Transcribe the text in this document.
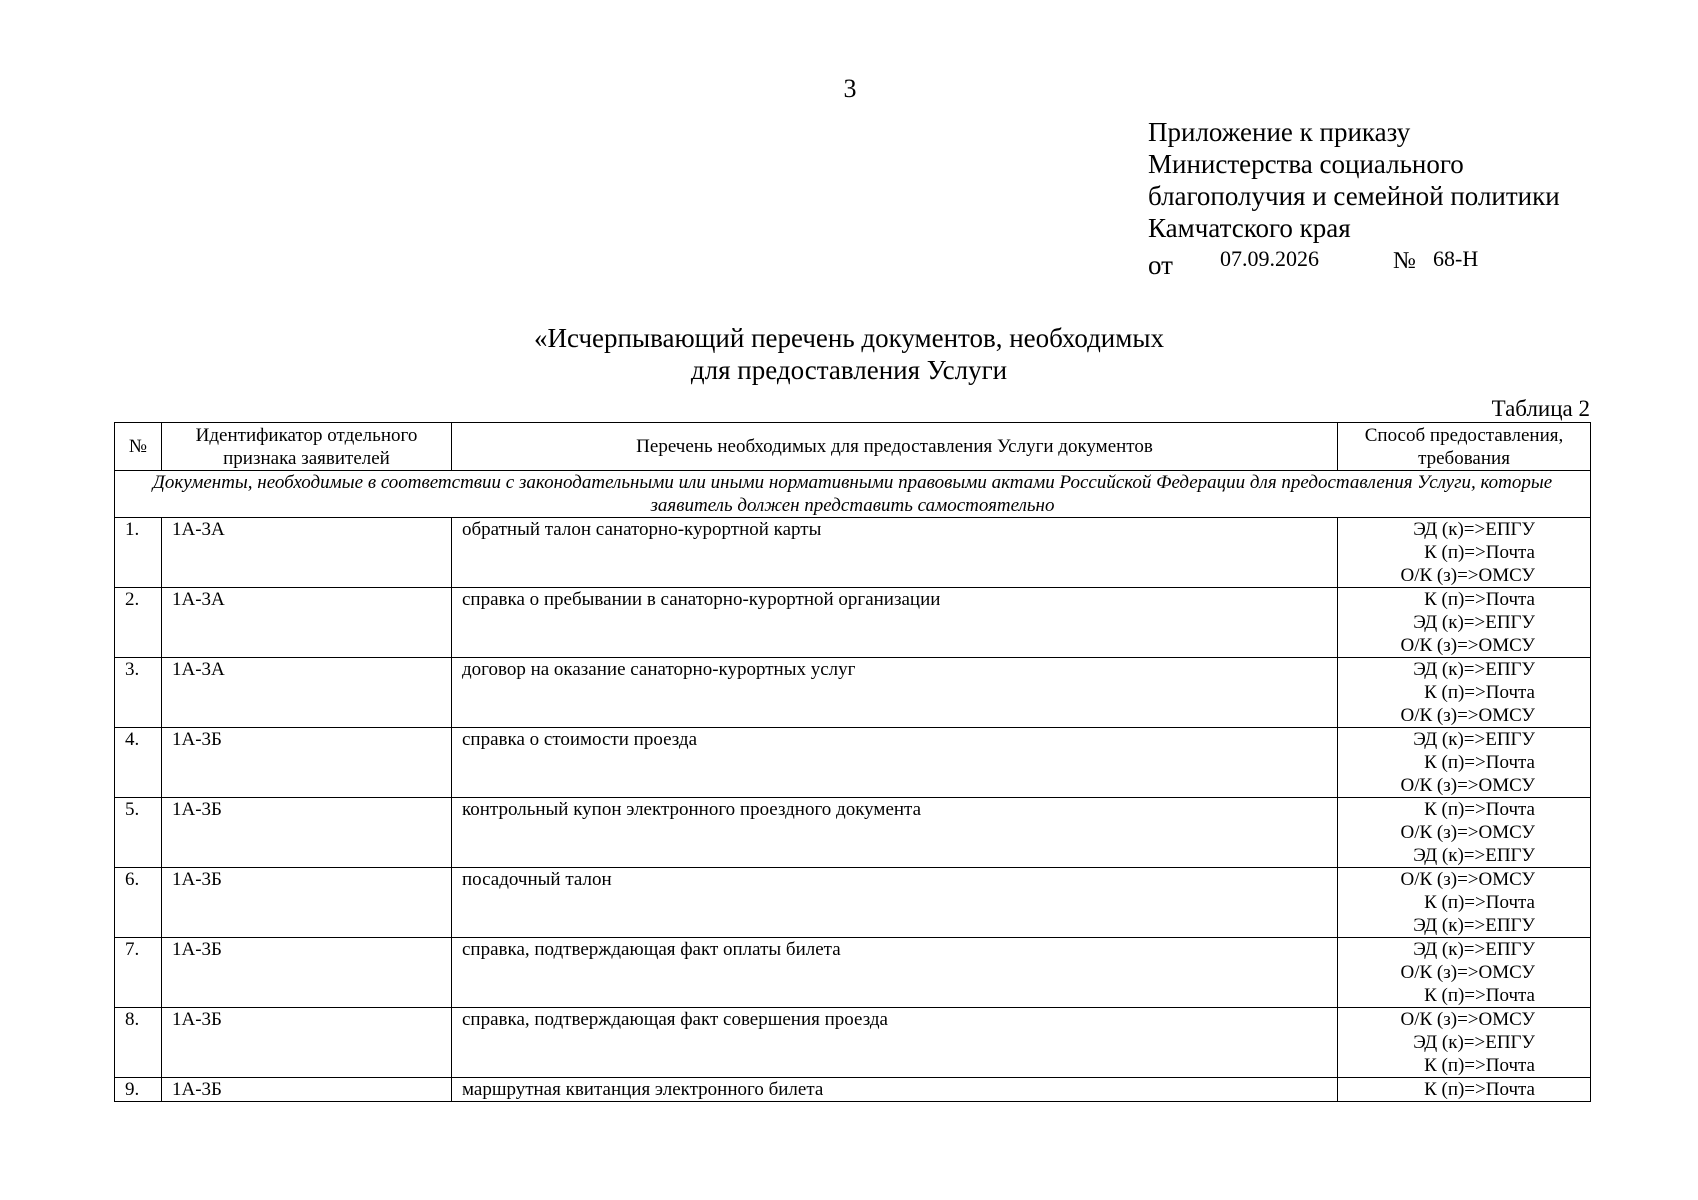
3
Приложение к приказу
Министерства социального
благополучия и семейной политики
Камчатского края
от 07.09.2026	№ 68-Н
«Исчерпывающий перечень документов, необходимых
для предоставления Услуги
Таблица 2
№	Идентификатор отдельного признака заявителей	Перечень необходимых для предоставления Услуги документов	Способ предоставления, требования
Документы, необходимые в соответствии с законодательными или иными нормативными правовыми актами Российской Федерации для предоставления Услуги, которые заявитель должен представить самостоятельно			
1.	1А-3А	обратный талон санаторно-курортной карты	ЭД (к)=>ЕПГУ
К (п)=>Почта
О/К (з)=>ОМСУ

2.	1А-3А	справка о пребывании в санаторно-курортной организации	К (п)=>Почта
ЭД (к)=>ЕПГУ
О/К (з)=>ОМСУ

3.	1А-3А	договор на оказание санаторно-курортных услуг	ЭД (к)=>ЕПГУ
К (п)=>Почта
О/К (з)=>ОМСУ

4.	1А-3Б	справка о стоимости проезда	ЭД (к)=>ЕПГУ
К (п)=>Почта
О/К (з)=>ОМСУ

5.	1А-3Б	контрольный купон электронного проездного документа	К (п)=>Почта
О/К (з)=>ОМСУ
ЭД (к)=>ЕПГУ

6.	1А-3Б	посадочный талон	О/К (з)=>ОМСУ
К (п)=>Почта
ЭД (к)=>ЕПГУ

7.	1А-3Б	справка, подтверждающая факт оплаты билета	ЭД (к)=>ЕПГУ
О/К (з)=>ОМСУ
К (п)=>Почта

8.	1А-3Б	справка, подтверждающая факт совершения проезда	О/К (з)=>ОМСУ
ЭД (к)=>ЕПГУ
К (п)=>Почта

9.	1А-3Б	маршрутная квитанция электронного билета	К (п)=>Почта
